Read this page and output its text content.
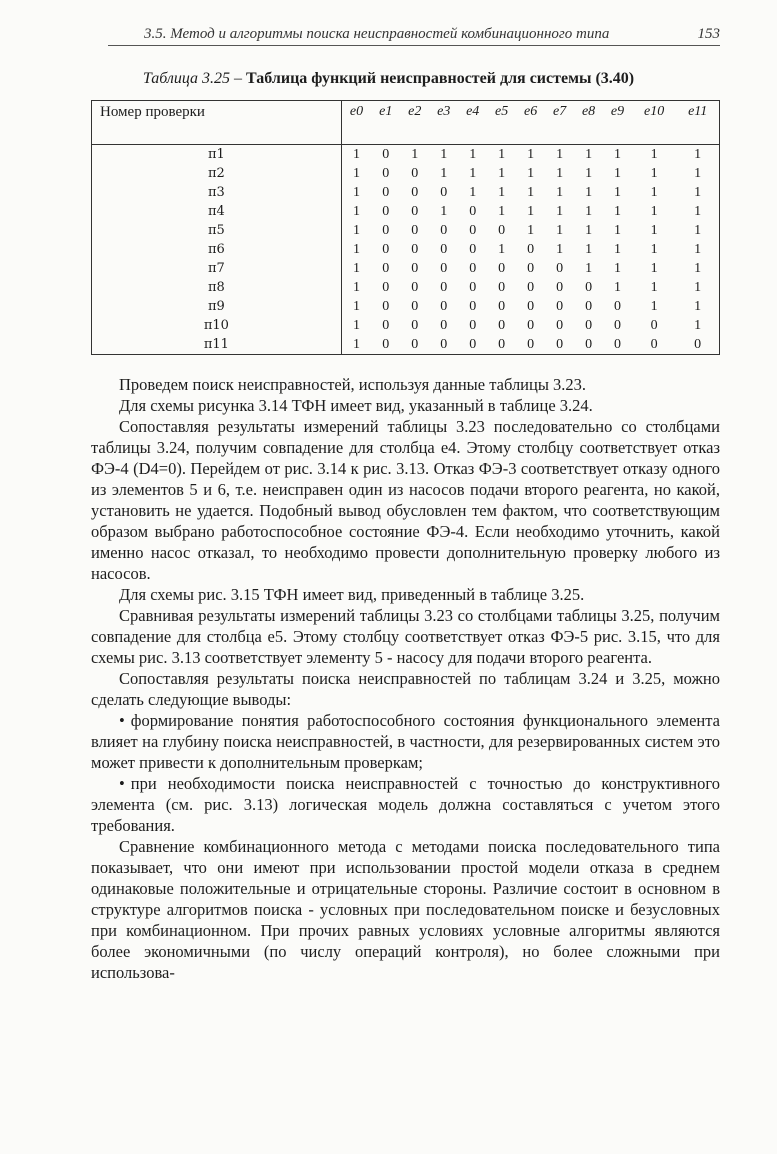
3.5. Метод и алгоритмы поиска неисправностей комбинационного типа	153
Таблица 3.25 – Таблица функций неисправностей для системы (3.40)
Номер проверки	e0	e1	e2	e3	e4	e5	e6	e7	e8	e9	e10	e11
π1	1	0	1	1	1	1	1	1	1	1	1	1
π2	1	0	0	1	1	1	1	1	1	1	1	1
π3	1	0	0	0	1	1	1	1	1	1	1	1
π4	1	0	0	1	0	1	1	1	1	1	1	1
π5	1	0	0	0	0	0	1	1	1	1	1	1
π6	1	0	0	0	0	1	0	1	1	1	1	1
π7	1	0	0	0	0	0	0	0	1	1	1	1
π8	1	0	0	0	0	0	0	0	0	1	1	1
π9	1	0	0	0	0	0	0	0	0	0	1	1
π10	1	0	0	0	0	0	0	0	0	0	0	1
π11	1	0	0	0	0	0	0	0	0	0	0	0

Проведем поиск неисправностей, используя данные таблицы 3.23.

Для схемы рисунка 3.14 ТФН имеет вид, указанный в таблице 3.24.

Сопоставляя результаты измерений таблицы 3.23 последовательно со столбцами таблицы 3.24, получим совпадение для столбца e4. Этому столбцу соответствует отказ ФЭ-4 (D4=0). Перейдем от рис. 3.14 к рис. 3.13. Отказ ФЭ-3 соответствует отказу одного из элементов 5 и 6, т.е. неисправен один из насосов подачи второго реагента, но какой, установить не удается. Подобный вывод обусловлен тем фактом, что соответствующим образом выбрано работоспособное состояние ФЭ-4. Если необходимо уточнить, какой именно насос отказал, то необходимо провести дополнительную проверку любого из насосов.

Для схемы рис. 3.15 ТФН имеет вид, приведенный в таблице 3.25.

Сравнивая результаты измерений таблицы 3.23 со столбцами таблицы 3.25, получим совпадение для столбца e5. Этому столбцу соответствует отказ ФЭ-5 рис. 3.15, что для схемы рис. 3.13 соответствует элементу 5 - насосу для подачи второго реагента.

Сопоставляя результаты поиска неисправностей по таблицам 3.24 и 3.25, можно сделать следующие выводы:

• формирование понятия работоспособного состояния функционального элемента влияет на глубину поиска неисправностей, в частности, для резервированных систем это может привести к дополнительным проверкам;

• при необходимости поиска неисправностей с точностью до конструктивного элемента (см. рис. 3.13) логическая модель должна составляться с учетом этого требования.

Сравнение комбинационного метода с методами поиска последовательного типа показывает, что они имеют при использовании простой модели отказа в среднем одинаковые положительные и отрицательные стороны. Различие состоит в основном в структуре алгоритмов поиска - условных при последовательном поиске и безусловных при комбинационном. При прочих равных условиях условные алгоритмы являются более экономичными (по числу операций контроля), но более сложными при использова-
